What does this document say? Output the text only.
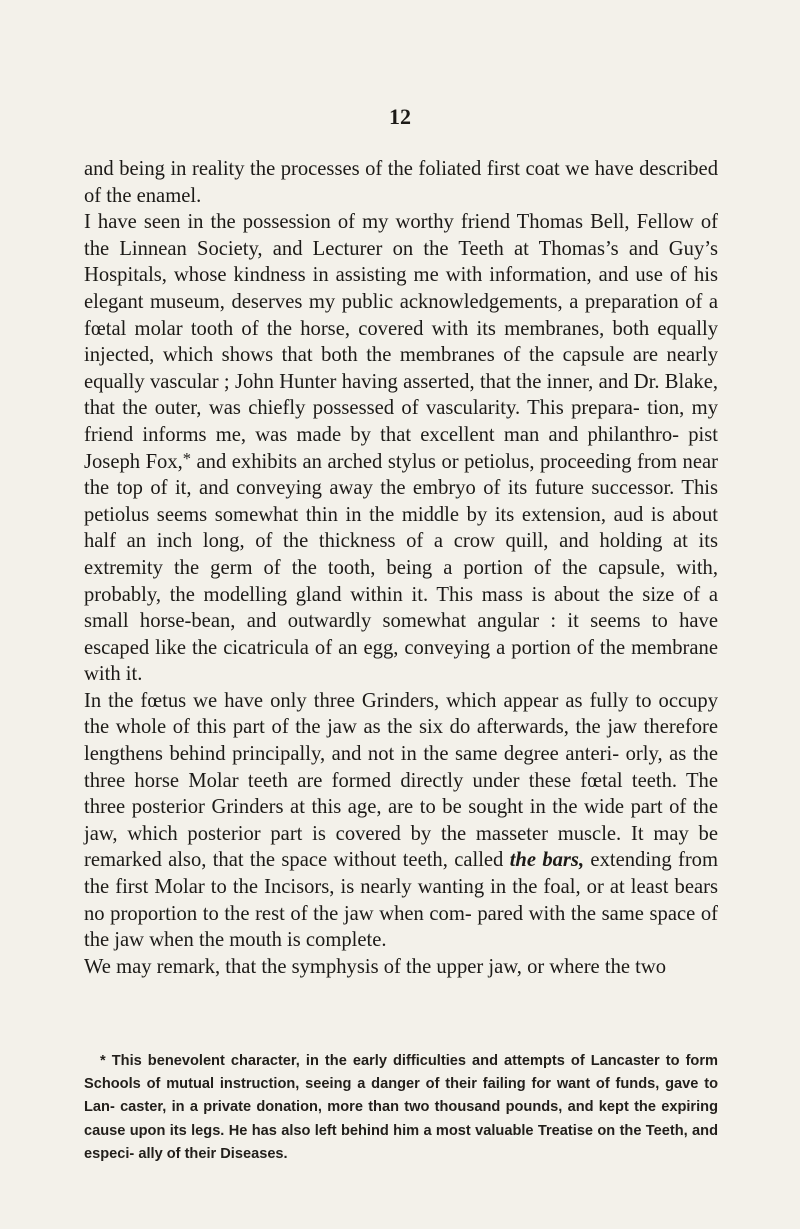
12

and being in reality the processes of the foliated first coat we have described of the enamel.

I have seen in the possession of my worthy friend Thomas Bell, Fellow of the Linnean Society, and Lecturer on the Teeth at Thomas’s and Guy’s Hospitals, whose kindness in assisting me with information, and use of his elegant museum, deserves my public acknowledgements, a preparation of a fœtal molar tooth of the horse, covered with its membranes, both equally injected, which shows that both the membranes of the capsule are nearly equally vascular ; John Hunter having asserted, that the inner, and Dr. Blake, that the outer, was chiefly possessed of vascularity. This prepara- tion, my friend informs me, was made by that excellent man and philanthro- pist Joseph Fox,* and exhibits an arched stylus or petiolus, proceeding from near the top of it, and conveying away the embryo of its future successor. This petiolus seems somewhat thin in the middle by its extension, aud is about half an inch long, of the thickness of a crow quill, and holding at its extremity the germ of the tooth, being a portion of the capsule, with, probably, the modelling gland within it. This mass is about the size of a small horse-bean, and outwardly somewhat angular : it seems to have escaped like the cicatricula of an egg, conveying a portion of the membrane with it.

In the fœtus we have only three Grinders, which appear as fully to occupy the whole of this part of the jaw as the six do afterwards, the jaw therefore lengthens behind principally, and not in the same degree anteri- orly, as the three horse Molar teeth are formed directly under these fœtal teeth. The three posterior Grinders at this age, are to be sought in the wide part of the jaw, which posterior part is covered by the masseter muscle. It may be remarked also, that the space without teeth, called the bars, extending from the first Molar to the Incisors, is nearly wanting in the foal, or at least bears no proportion to the rest of the jaw when com- pared with the same space of the jaw when the mouth is complete.

We may remark, that the symphysis of the upper jaw, or where the two

* This benevolent character, in the early difficulties and attempts of Lancaster to form Schools of mutual instruction, seeing a danger of their failing for want of funds, gave to Lan- caster, in a private donation, more than two thousand pounds, and kept the expiring cause upon its legs. He has also left behind him a most valuable Treatise on the Teeth, and especi- ally of their Diseases.
